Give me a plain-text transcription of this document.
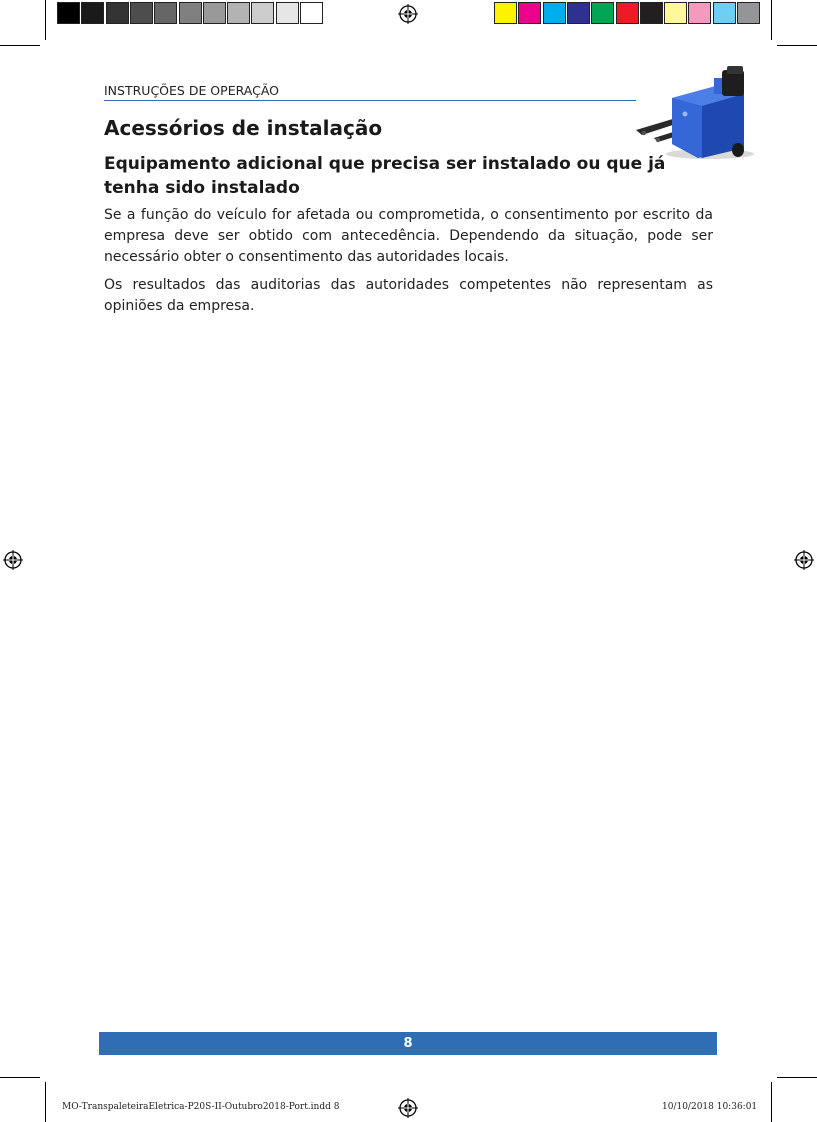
INSTRUÇÕES DE OPERAÇÃO
Acessórios de instalação
Equipamento adicional que precisa ser instalado ou que já tenha sido instalado

Se a função do veículo for afetada ou comprometida, o consentimento por escrito da empresa deve ser obtido com antecedência. Dependendo da situação, pode ser necessário obter o consentimento das autoridades locais.

Os resultados das auditorias das autoridades competentes não representam as opiniões da empresa.

8
MO-TranspaleteiraEletrica-P20S-II-Outubro2018-Port.indd 8	10/10/2018 10:36:01
